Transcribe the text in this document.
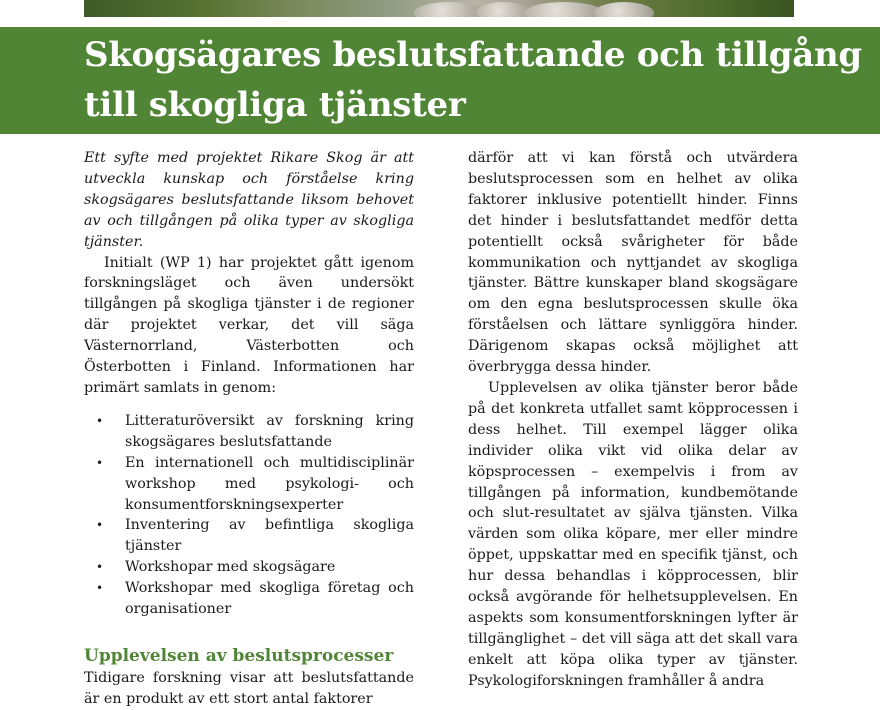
Skogsägares beslutsfattande och tillgång till skogliga tjänster

Ett syfte med projektet Rikare Skog är att utveckla kunskap och förståelse kring skogsägares beslutsfattande liksom behovet av och tillgången på olika typer av skogliga tjänster.

Initialt (WP 1) har projektet gått igenom forskningsläget och även undersökt tillgången på skogliga tjänster i de regioner där projektet verkar, det vill säga Västernorrland, Västerbotten och Österbotten i Finland. Informationen har primärt samlats in genom:

• Litteraturöversikt av forskning kring skogsägares beslutsfattande
• En internationell och multidisciplinär workshop med psykologi- och konsumentforskningsexperter
• Inventering av befintliga skogliga tjänster
• Workshopar med skogsägare
• Workshopar med skogliga företag och organisationer
Upplevelsen av beslutsprocesser

Tidigare forskning visar att beslutsfattande är en produkt av ett stort antal faktorer

därför att vi kan förstå och utvärdera beslutsprocessen som en helhet av olika faktorer inklusive potentiellt hinder. Finns det hinder i beslutsfattandet medför detta potentiellt också svårigheter för både kommunikation och nyttjandet av skogliga tjänster. Bättre kunskaper bland skogsägare om den egna beslutsprocessen skulle öka förståelsen och lättare synliggöra hinder. Därigenom skapas också möjlighet att överbrygga dessa hinder.

Upplevelsen av olika tjänster beror både på det konkreta utfallet samt köpprocessen i dess helhet. Till exempel lägger olika individer olika vikt vid olika delar av köpsprocessen – exempelvis i from av tillgången på information, kundbemötande och slut-resultatet av själva tjänsten. Vilka värden som olika köpare, mer eller mindre öppet, uppskattar med en specifik tjänst, och hur dessa behandlas i köpprocessen, blir också avgörande för helhetsupplevelsen. En aspekts som konsumentforskningen lyfter är tillgänglighet – det vill säga att det skall vara enkelt att köpa olika typer av tjänster. Psykologiforskningen framhåller å andra
